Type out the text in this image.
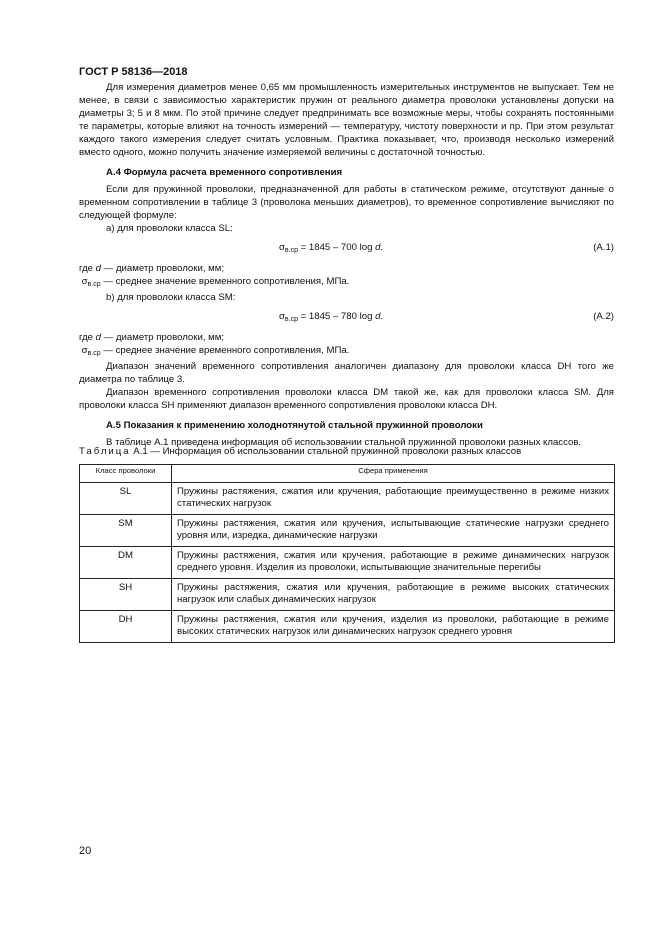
ГОСТ Р 58136—2018

Для измерения диаметров менее 0,65 мм промышленность измерительных инструментов не выпускает. Тем не менее, в связи с зависимостью характеристик пружин от реального диаметра проволоки установлены допуски на диаметры 3; 5 и 8 мкм. По этой причине следует предпринимать все возможные меры, чтобы сохранять постоянными те параметры, которые влияют на точность измерений — температуру, чистоту поверхности и пр. При этом результат каждого такого измерения следует считать условным. Практика показывает, что, производя несколько измерений вместо одного, можно получить значение измеряемой величины с достаточной точностью.

А.4 Формула расчета временного сопротивления

Если для пружинной проволоки, предназначенной для работы в статическом режиме, отсутствуют данные о временном сопротивлении в таблице 3 (проволока меньших диаметров), то временное сопротивление вычисляют по следующей формуле:

а) для проволоки класса SL:

$\sigma_{в.ср} = 1845 - 700$ log d.	(А.1)

где d — диаметр проволоки, мм;

$\sigma_{в.ср}$ — среднее значение временного сопротивления, МПа.

b) для проволоки класса SM:

$\sigma_{в.ср} = 1845 - 780$ log d.	(А.2)

где d — диаметр проволоки, мм;

$\sigma_{в.ср}$ — среднее значение временного сопротивления, МПа.

Диапазон значений временного сопротивления аналогичен диапазону для проволоки класса DH того же диаметра по таблице 3.

Диапазон временного сопротивления проволоки класса DM такой же, как для проволоки класса SM. Для проволоки класса SH применяют диапазон временного сопротивления проволоки класса DH.

А.5 Показания к применению холоднотянутой стальной пружинной проволоки

В таблице А.1 приведена информация об использовании стальной пружинной проволоки разных классов.

Таблица А.1 — Информация об использовании стальной пружинной проволоки разных классов
Класс проволоки	Сфера применения
SL	Пружины растяжения, сжатия или кручения, работающие преимущественно в режиме низких статических нагрузок
SM	Пружины растяжения, сжатия или кручения, испытывающие статические нагрузки среднего уровня или, изредка, динамические нагрузки
DM	Пружины растяжения, сжатия или кручения, работающие в режиме динамических нагрузок среднего уровня. Изделия из проволоки, испытывающие значительные перегибы
SH	Пружины растяжения, сжатия или кручения, работающие в режиме высоких статических нагрузок или слабых динамических нагрузок
DH	Пружины растяжения, сжатия или кручения, изделия из проволоки, работающие в режиме высоких статических нагрузок или динамических нагрузок среднего уровня
20
